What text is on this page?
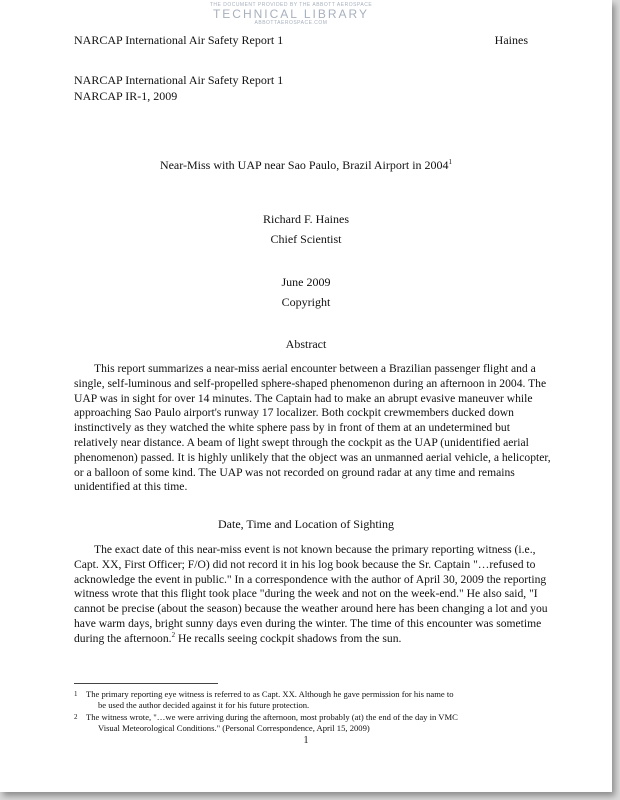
THE DOCUMENT PROVIDED BY THE ABBOTT AEROSPACE
TECHNICAL LIBRARY
ABBOTTAEROSPACE.COM
NARCAP International Air Safety Report 1	Haines
NARCAP International Air Safety Report 1
NARCAP IR-1, 2009
Near-Miss with UAP near Sao Paulo, Brazil Airport in 2004$^1$
Richard F. Haines
Chief Scientist
June 2009
Copyright
Abstract

This report summarizes a near-miss aerial encounter between a Brazilian passenger flight and a single, self-luminous and self-propelled sphere-shaped phenomenon during an afternoon in 2004. The UAP was in sight for over 14 minutes. The Captain had to make an abrupt evasive maneuver while approaching Sao Paulo airport's runway 17 localizer. Both cockpit crewmembers ducked down instinctively as they watched the white sphere pass by in front of them at an undetermined but relatively near distance. A beam of light swept through the cockpit as the UAP (unidentified aerial phenomenon) passed. It is highly unlikely that the object was an unmanned aerial vehicle, a helicopter, or a balloon of some kind. The UAP was not recorded on ground radar at any time and remains unidentified at this time.

Date, Time and Location of Sighting

The exact date of this near-miss event is not known because the primary reporting witness (i.e., Capt. XX, First Officer; F/O) did not record it in his log book because the Sr. Captain "…refused to acknowledge the event in public." In a correspondence with the author of April 30, 2009 the reporting witness wrote that this flight took place "during the week and not on the week-end." He also said, "I cannot be precise (about the season) because the weather around here has been changing a lot and you have warm days, bright sunny days even during the winter. The time of this encounter was sometime during the afternoon.$^2$ He recalls seeing cockpit shadows from the sun.

1 The primary reporting eye witness is referred to as Capt. XX. Although he gave permission for his name to
be used the author decided against it for his future protection.
2 The witness wrote, "…we were arriving during the afternoon, most probably (at) the end of the day in VMC
Visual Meteorological Conditions." (Personal Correspondence, April 15, 2009)
1
